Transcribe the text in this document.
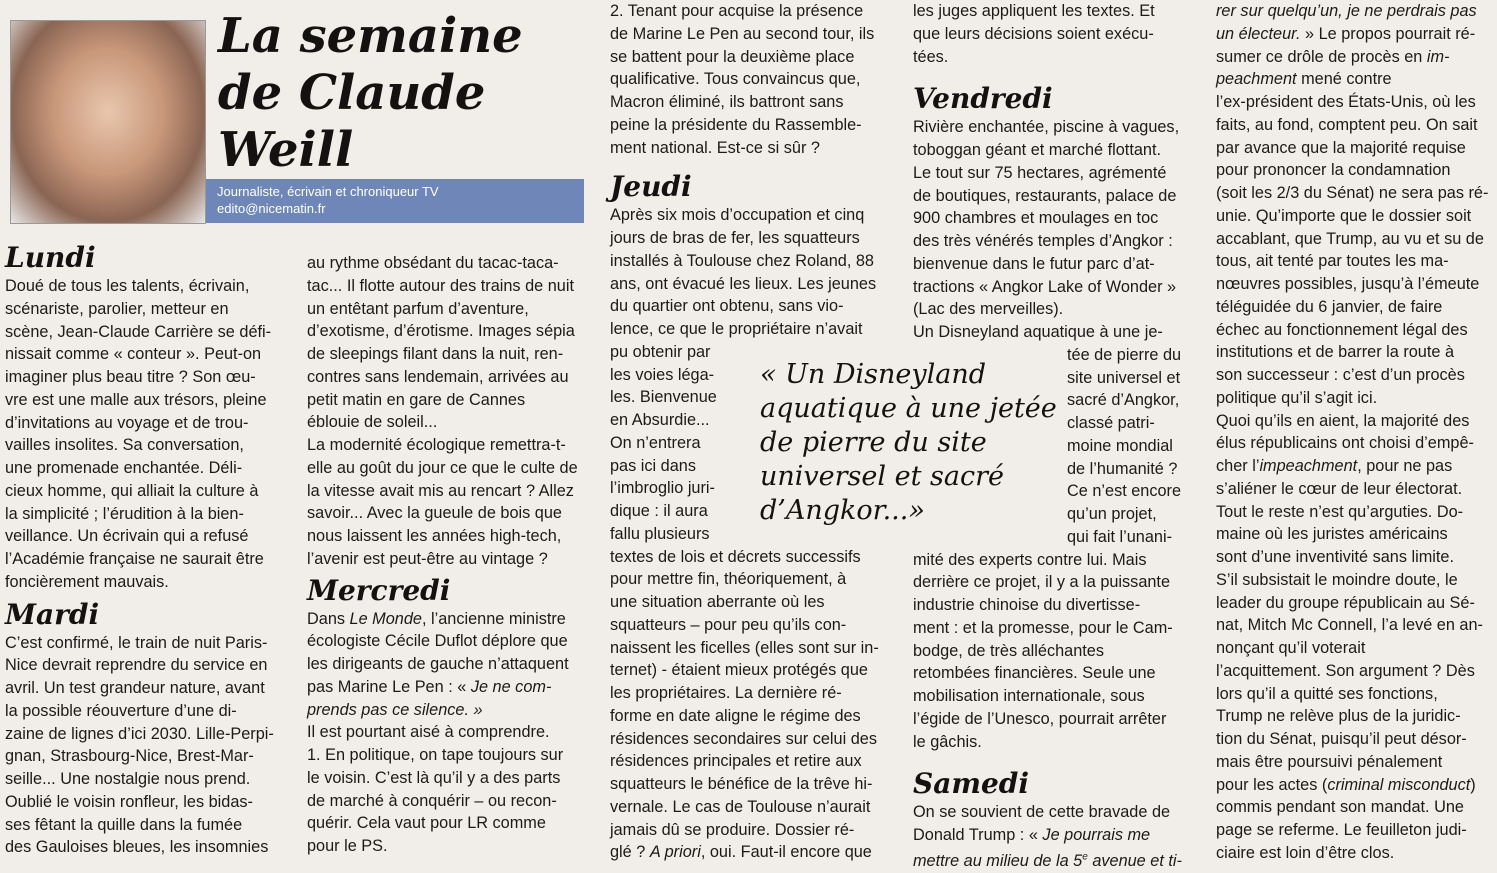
La semaine
de Claude Weill
Journaliste, écrivain et chroniqueur TV
edito@nicematin.fr
Lundi

Doué de tous les talents, écrivain,

scénariste, parolier, metteur en

scène, Jean-Claude Carrière se défi-

nissait comme « conteur ». Peut-on

imaginer plus beau titre ? Son œu-

vre est une malle aux trésors, pleine

d’invitations au voyage et de trou-

vailles insolites. Sa conversation,

une promenade enchantée. Déli-

cieux homme, qui alliait la culture à

la simplicité ; l’érudition à la bien-

veillance. Un écrivain qui a refusé

l’Académie française ne saurait être

foncièrement mauvais.

Mardi

C’est confirmé, le train de nuit Paris-

Nice devrait reprendre du service en

avril. Un test grandeur nature, avant

la possible réouverture d’une di-

zaine de lignes d’ici 2030. Lille-Perpi-

gnan, Strasbourg-Nice, Brest-Mar-

seille... Une nostalgie nous prend.

Oublié le voisin ronfleur, les bidas-

ses fêtant la quille dans la fumée

des Gauloises bleues, les insomnies

au rythme obsédant du tacac-taca-

tac... Il flotte autour des trains de nuit

un entêtant parfum d’aventure,

d’exotisme, d’érotisme. Images sépia

de sleepings filant dans la nuit, ren-

contres sans lendemain, arrivées au

petit matin en gare de Cannes

éblouie de soleil...

La modernité écologique remettra-t-

elle au goût du jour ce que le culte de

la vitesse avait mis au rencart ? Allez

savoir... Avec la gueule de bois que

nous laissent les années high-tech,

l’avenir est peut-être au vintage ?

Mercredi

Dans Le Monde, l’ancienne ministre

écologiste Cécile Duflot déplore que

les dirigeants de gauche n’attaquent

pas Marine Le Pen : « Je ne com-

prends pas ce silence. »

Il est pourtant aisé à comprendre.

1. En politique, on tape toujours sur

le voisin. C’est là qu’il y a des parts

de marché à conquérir – ou recon-

quérir. Cela vaut pour LR comme

pour le PS.

2. Tenant pour acquise la présence

de Marine Le Pen au second tour, ils

se battent pour la deuxième place

qualificative. Tous convaincus que,

Macron éliminé, ils battront sans

peine la présidente du Rassemble-

ment national. Est-ce si sûr ?

Jeudi

Après six mois d’occupation et cinq

jours de bras de fer, les squatteurs

installés à Toulouse chez Roland, 88

ans, ont évacué les lieux. Les jeunes

du quartier ont obtenu, sans vio-

lence, ce que le propriétaire n’avait

pu obtenir par

les voies léga-

les. Bienvenue

en Absurdie...

On n’entrera

pas ici dans

l’imbroglio juri-

dique : il aura

fallu plusieurs

textes de lois et décrets successifs

pour mettre fin, théoriquement, à

une situation aberrante où les

squatteurs – pour peu qu’ils con-

naissent les ficelles (elles sont sur in-

ternet) - étaient mieux protégés que

les propriétaires. La dernière ré-

forme en date aligne le régime des

résidences secondaires sur celui des

résidences principales et retire aux

squatteurs le bénéfice de la trêve hi-

vernale. Le cas de Toulouse n’aurait

jamais dû se produire. Dossier ré-

glé ? A priori, oui. Faut-il encore que

« Un Disneyland
aquatique à une jetée
de pierre du site
universel et sacré
d’Angkor...»

les juges appliquent les textes. Et

que leurs décisions soient exécu-

tées.

Vendredi

Rivière enchantée, piscine à vagues,

toboggan géant et marché flottant.

Le tout sur 75 hectares, agrémenté

de boutiques, restaurants, palace de

900 chambres et moulages en toc

des très vénérés temples d’Angkor :

bienvenue dans le futur parc d’at-

tractions « Angkor Lake of Wonder »

(Lac des merveilles).

Un Disneyland aquatique à une je-

tée de pierre du

site universel et

sacré d’Angkor,

classé patri-

moine mondial

de l’humanité ?

Ce n’est encore

qu’un projet,

qui fait l’unani-

mité des experts contre lui. Mais

derrière ce projet, il y a la puissante

industrie chinoise du divertisse-

ment : et la promesse, pour le Cam-

bodge, de très alléchantes

retombées financières. Seule une

mobilisation internationale, sous

l’égide de l’Unesco, pourrait arrêter

le gâchis.

Samedi

On se souvient de cette bravade de

Donald Trump : « Je pourrais me

mettre au milieu de la 5e avenue et ti-

rer sur quelqu’un, je ne perdrais pas

un électeur. » Le propos pourrait ré-

sumer ce drôle de procès en im-

peachment mené contre

l’ex-président des États-Unis, où les

faits, au fond, comptent peu. On sait

par avance que la majorité requise

pour prononcer la condamnation

(soit les 2/3 du Sénat) ne sera pas ré-

unie. Qu’importe que le dossier soit

accablant, que Trump, au vu et su de

tous, ait tenté par toutes les ma-

nœuvres possibles, jusqu’à l’émeute

téléguidée du 6 janvier, de faire

échec au fonctionnement légal des

institutions et de barrer la route à

son successeur : c’est d’un procès

politique qu’il s’agit ici.

Quoi qu’ils en aient, la majorité des

élus républicains ont choisi d’empê-

cher l’impeachment, pour ne pas

s’aliéner le cœur de leur électorat.

Tout le reste n’est qu’arguties. Do-

maine où les juristes américains

sont d’une inventivité sans limite.

S’il subsistait le moindre doute, le

leader du groupe républicain au Sé-

nat, Mitch Mc Connell, l’a levé en an-

nonçant qu’il voterait

l’acquittement. Son argument ? Dès

lors qu’il a quitté ses fonctions,

Trump ne relève plus de la juridic-

tion du Sénat, puisqu’il peut désor-

mais être poursuivi pénalement

pour les actes (criminal misconduct)

commis pendant son mandat. Une

page se referme. Le feuilleton judi-

ciaire est loin d’être clos.
